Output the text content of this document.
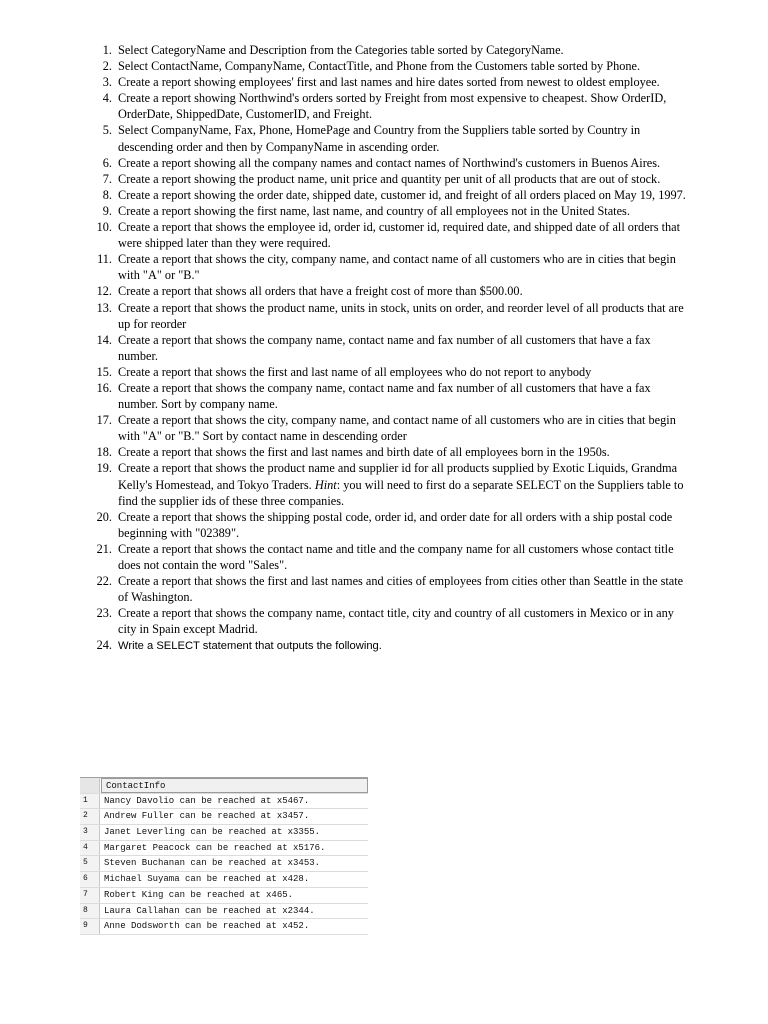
1. Select CategoryName and Description from the Categories table sorted by CategoryName.
2. Select ContactName, CompanyName, ContactTitle, and Phone from the Customers table sorted by Phone.
3. Create a report showing employees' first and last names and hire dates sorted from newest to oldest employee.
4. Create a report showing Northwind's orders sorted by Freight from most expensive to cheapest. Show OrderID, OrderDate, ShippedDate, CustomerID, and Freight.
5. Select CompanyName, Fax, Phone, HomePage and Country from the Suppliers table sorted by Country in descending order and then by CompanyName in ascending order.
6. Create a report showing all the company names and contact names of Northwind's customers in Buenos Aires.
7. Create a report showing the product name, unit price and quantity per unit of all products that are out of stock.
8. Create a report showing the order date, shipped date, customer id, and freight of all orders placed on May 19, 1997.
9. Create a report showing the first name, last name, and country of all employees not in the United States.
10. Create a report that shows the employee id, order id, customer id, required date, and shipped date of all orders that were shipped later than they were required.
11. Create a report that shows the city, company name, and contact name of all customers who are in cities that begin with "A" or "B."
12. Create a report that shows all orders that have a freight cost of more than $500.00.
13. Create a report that shows the product name, units in stock, units on order, and reorder level of all products that are up for reorder
14. Create a report that shows the company name, contact name and fax number of all customers that have a fax number.
15. Create a report that shows the first and last name of all employees who do not report to anybody
16. Create a report that shows the company name, contact name and fax number of all customers that have a fax number. Sort by company name.
17. Create a report that shows the city, company name, and contact name of all customers who are in cities that begin with "A" or "B." Sort by contact name in descending order
18. Create a report that shows the first and last names and birth date of all employees born in the 1950s.
19. Create a report that shows the product name and supplier id for all products supplied by Exotic Liquids, Grandma Kelly's Homestead, and Tokyo Traders. Hint: you will need to first do a separate SELECT on the Suppliers table to find the supplier ids of these three companies.
20. Create a report that shows the shipping postal code, order id, and order date for all orders with a ship postal code beginning with "02389".
21. Create a report that shows the contact name and title and the company name for all customers whose contact title does not contain the word "Sales".
22. Create a report that shows the first and last names and cities of employees from cities other than Seattle in the state of Washington.
23. Create a report that shows the company name, contact title, city and country of all customers in Mexico or in any city in Spain except Madrid.
24. Write a SELECT statement that outputs the following.
ContactInfo
1	Nancy Davolio can be reached at x5467.
2	Andrew Fuller can be reached at x3457.
3	Janet Leverling can be reached at x3355.
4	Margaret Peacock can be reached at x5176.
5	Steven Buchanan can be reached at x3453.
6	Michael Suyama can be reached at x428.
7	Robert King can be reached at x465.
8	Laura Callahan can be reached at x2344.
9	Anne Dodsworth can be reached at x452.
